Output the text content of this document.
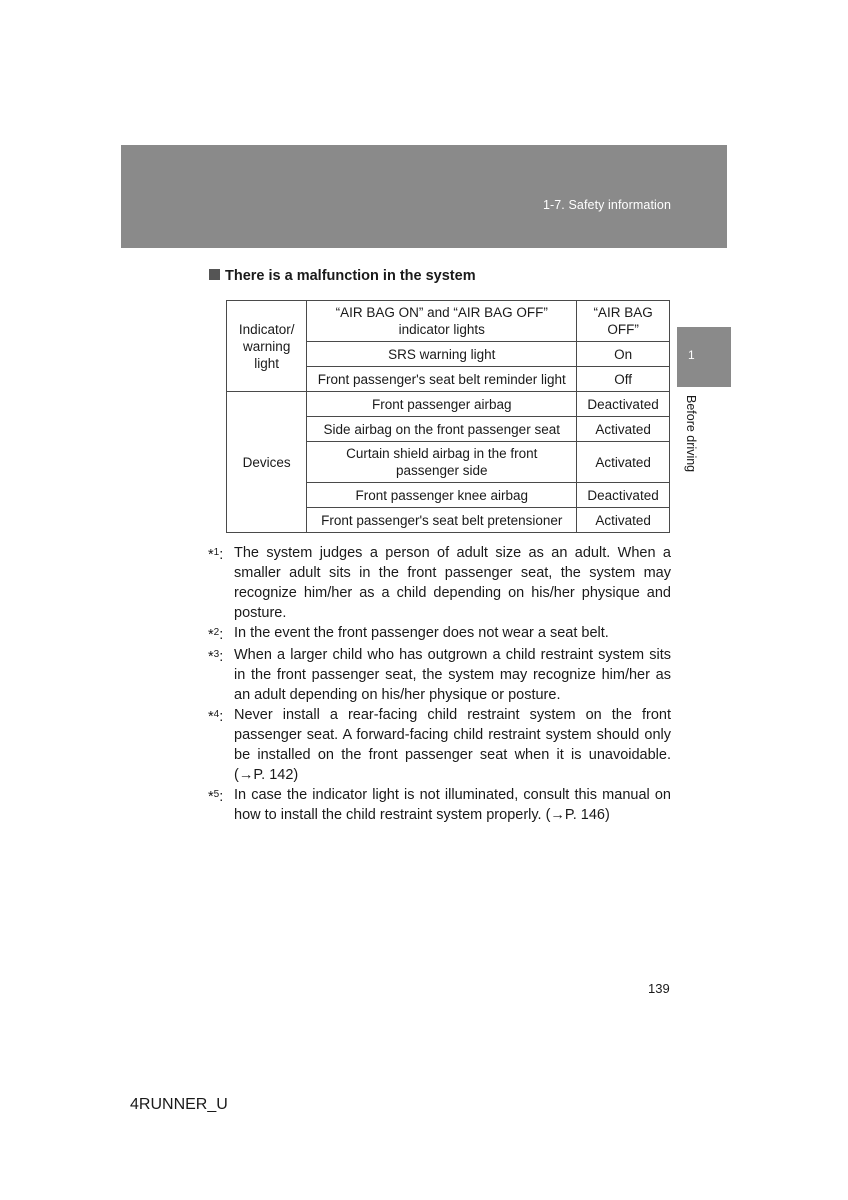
1-7. Safety information
1
Before driving
There is a malfunction in the system
Indicator/ warning light	“AIR BAG ON” and “AIR BAG OFF” indicator lights	“AIR BAG OFF”
	SRS warning light	On
	Front passenger's seat belt reminder light	Off
Devices	Front passenger airbag	Deactivated
	Side airbag on the front passenger seat	Activated
	Curtain shield airbag in the front passenger side	Activated
	Front passenger knee airbag	Deactivated
	Front passenger's seat belt pretensioner	Activated
*$^1$: The system judges a person of adult size as an adult. When a smaller adult sits in the front passenger seat, the system may recognize him/her as a child depending on his/her physique and posture.
*$^2$: In the event the front passenger does not wear a seat belt.
*$^3$: When a larger child who has outgrown a child restraint system sits in the front passenger seat, the system may recognize him/her as an adult depending on his/her physique or posture.
*$^4$: Never install a rear-facing child restraint system on the front passenger seat. A forward-facing child restraint system should only be installed on the front passenger seat when it is unavoidable. (→P. 142)
*$^5$: In case the indicator light is not illuminated, consult this manual on how to install the child restraint system properly. (→P. 146)
139
4RUNNER_U
